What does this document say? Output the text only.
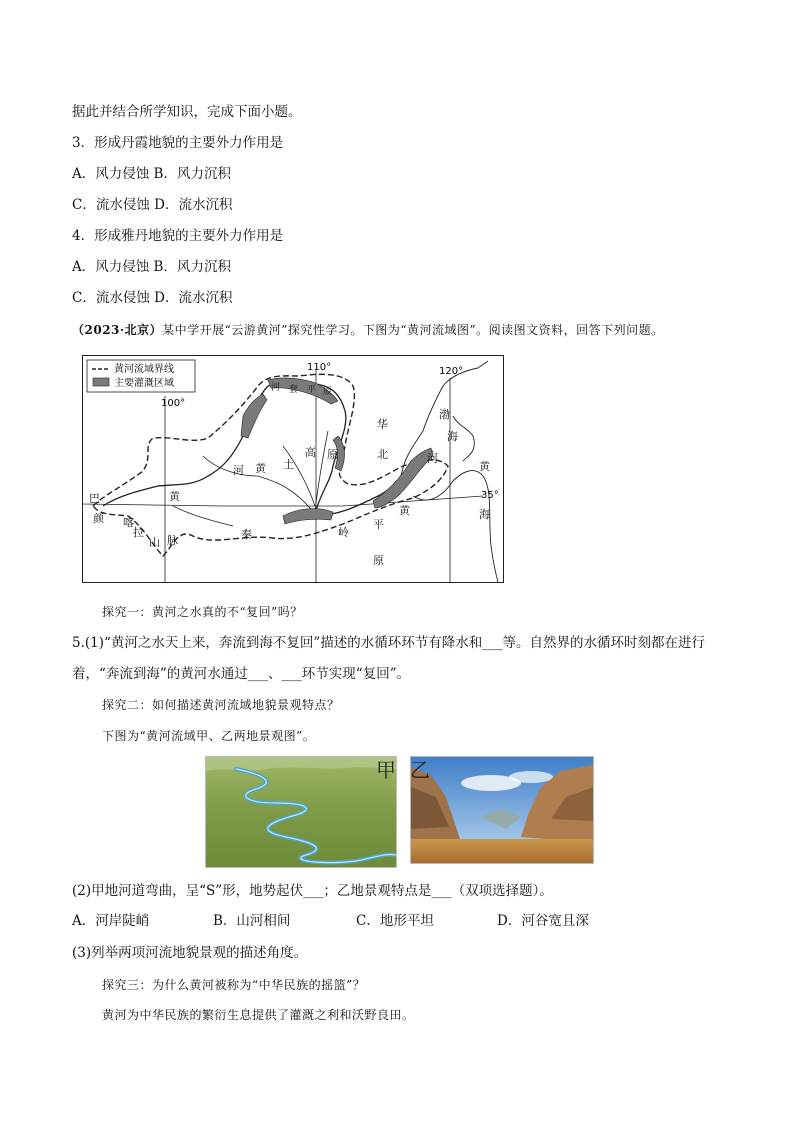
据此并结合所学知识，完成下面小题。
3．形成丹霞地貌的主要外力作用是
A．风力侵蚀 B．风力沉积
C．流水侵蚀 D．流水沉积
4．形成雅丹地貌的主要外力作用是
A．风力侵蚀 B．风力沉积
C．流水侵蚀 D．流水沉积
（2023·北京）某中学开展“云游黄河”探究性学习。下图为“黄河流域图”。阅读图文资料，回答下列问题。
黄河流域界线
主要灌溉区域
100°
110°	120°
35°
黄
河 黄 土
高 原
华
北
平
原
渤
海
河
黄
海
黄
巴
颜 喀
拉
山 脉	秦	岭
河 套 平 原
探究一：黄河之水真的不“复回”吗？
5.(1)“黄河之水天上来，奔流到海不复回”描述的水循环环节有降水和___等。自然界的水循环时刻都在进行
着，“奔流到海”的黄河水通过___、___环节实现“复回”。
探究二：如何描述黄河流域地貌景观特点？
下图为“黄河流域甲、乙两地景观图”。
甲 乙
(2)甲地河道弯曲，呈“S”形，地势起伏___；乙地景观特点是___（双项选择题）。
A．河岸陡峭	B．山河相间	C．地形平坦	D．河谷宽且深
(3)列举两项河流地貌景观的描述角度。
探究三：为什么黄河被称为“中华民族的摇篮”？
黄河为中华民族的繁衍生息提供了灌溉之利和沃野良田。
